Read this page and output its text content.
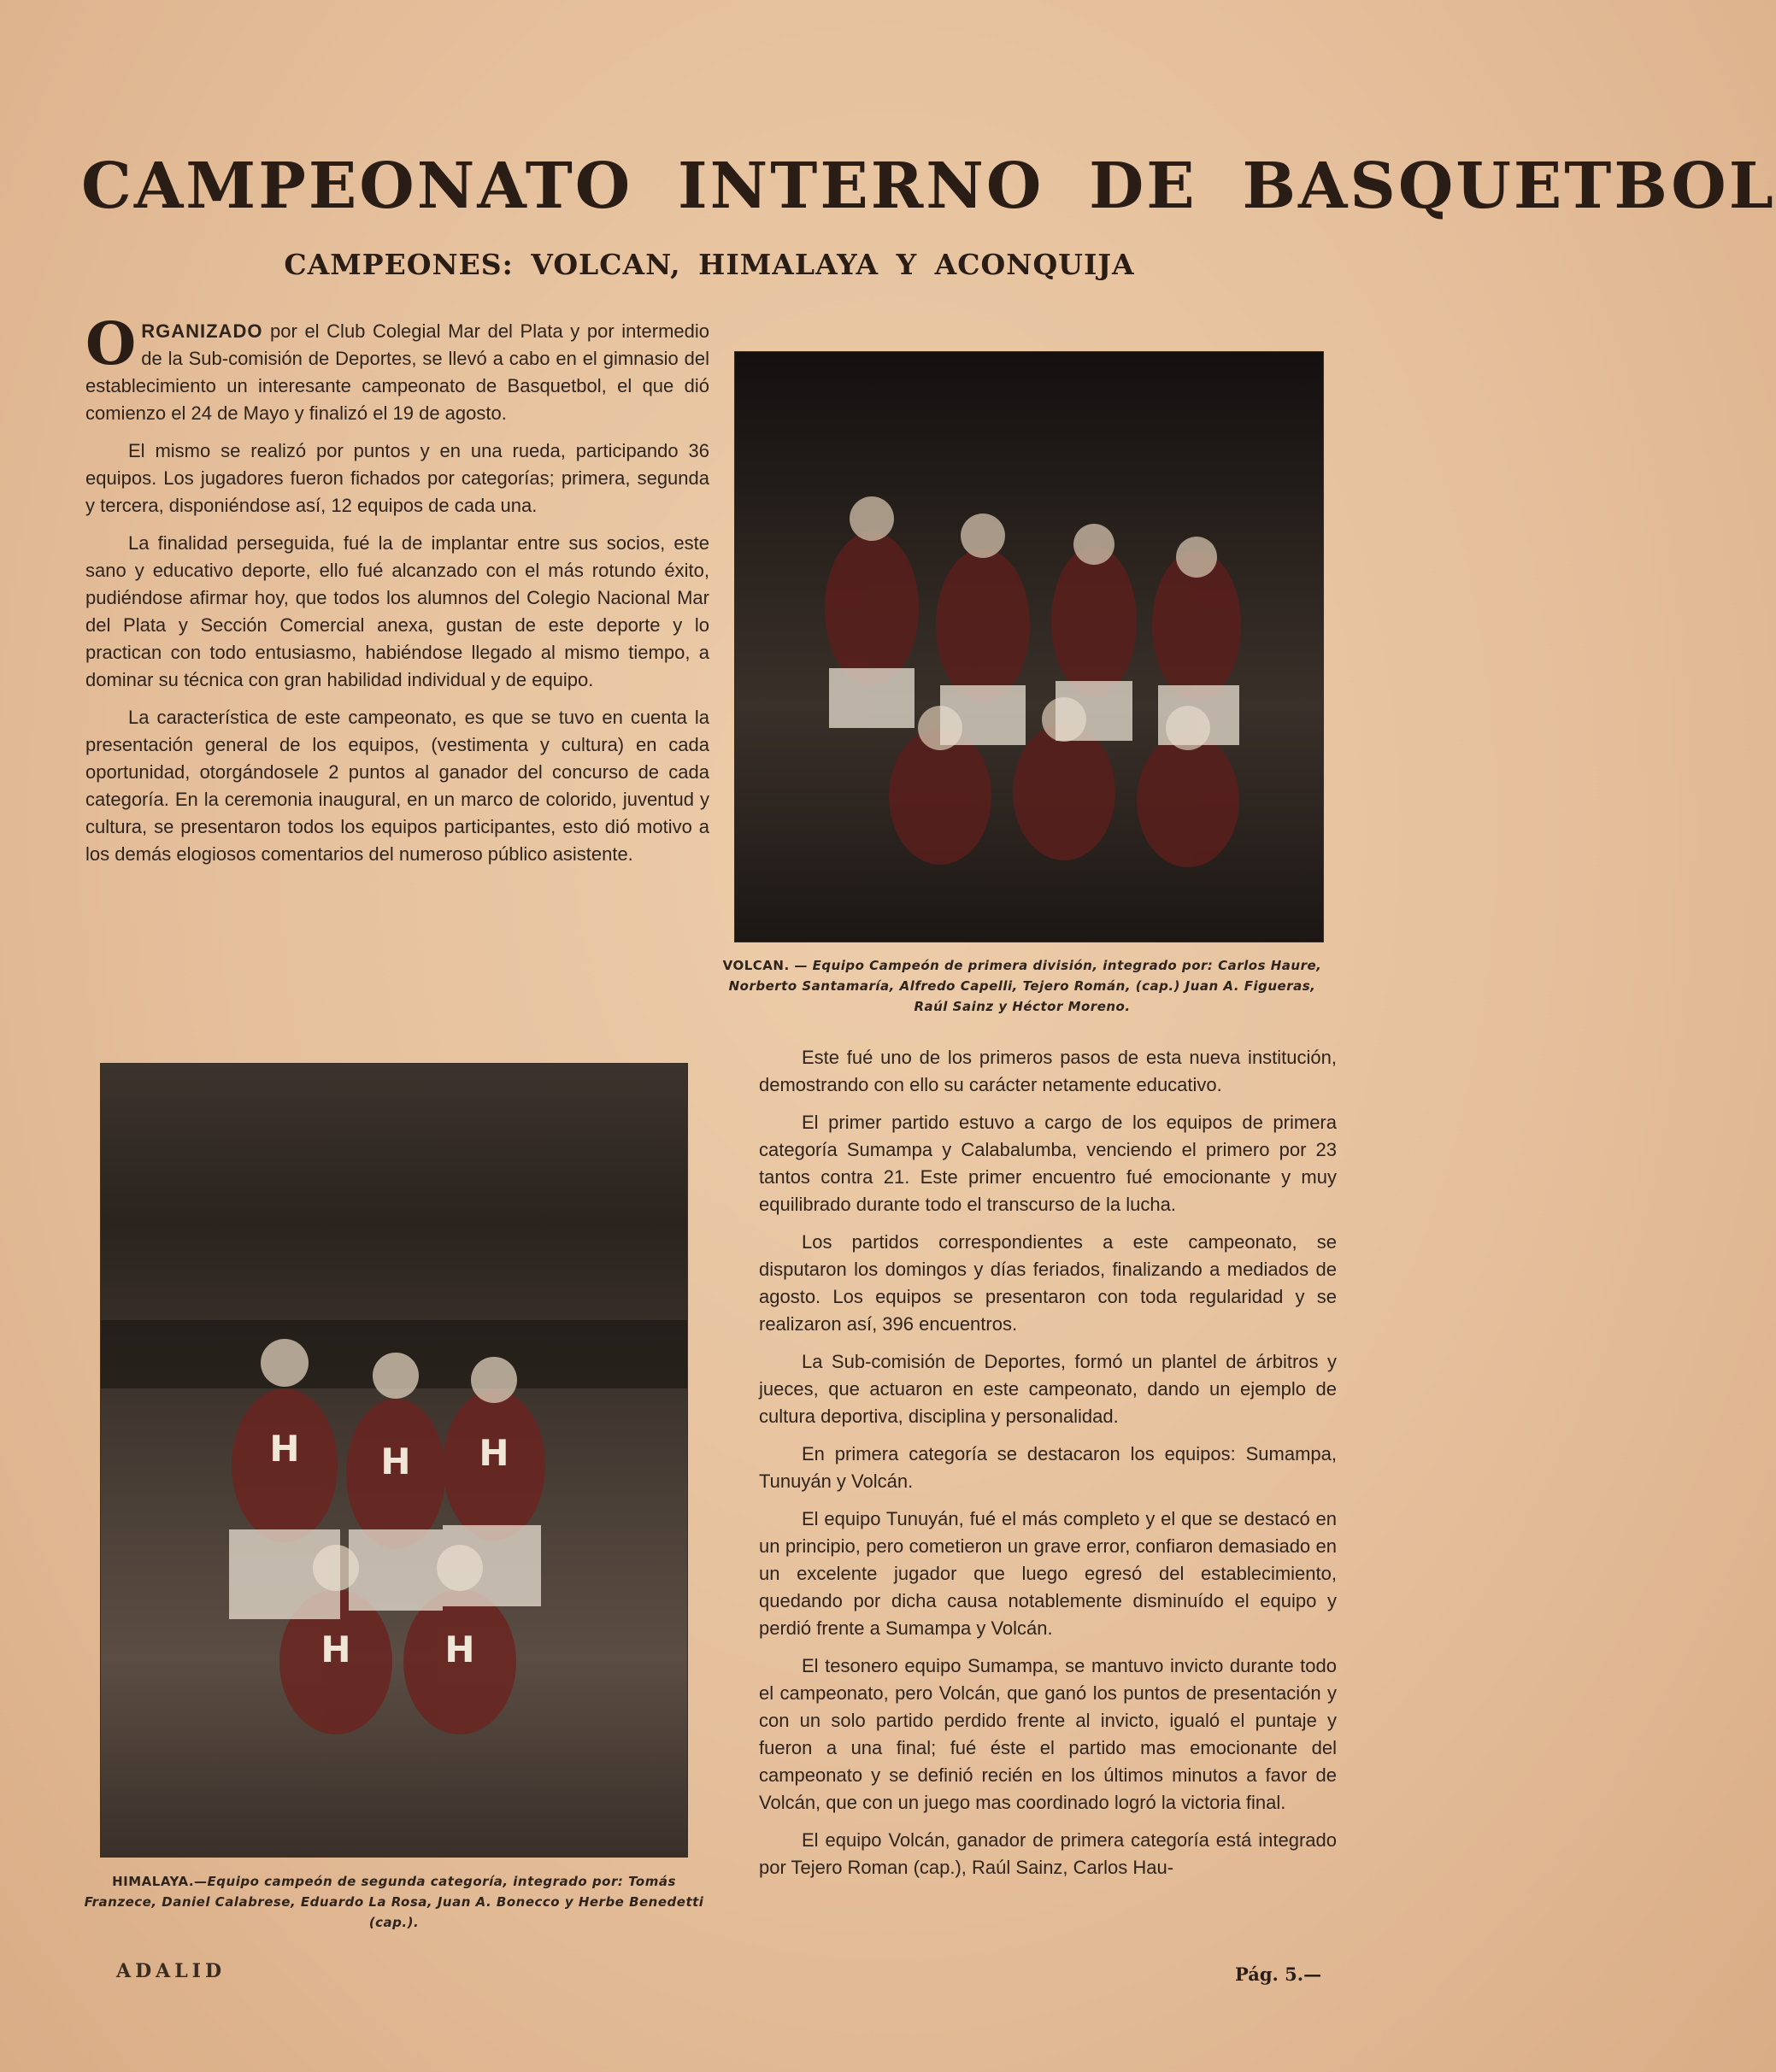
CAMPEONATO INTERNO DE BASQUETBOL
CAMPEONES: VOLCAN, HIMALAYA Y ACONQUIJA

ORGANIZADO por el Club Colegial Mar del Plata y por intermedio de la Sub-comisión de Deportes, se llevó a cabo en el gimnasio del establecimiento un interesante campeonato de Basquetbol, el que dió comienzo el 24 de Mayo y finalizó el 19 de agosto.

El mismo se realizó por puntos y en una rueda, participando 36 equipos. Los jugadores fueron fichados por categorías; primera, segunda y tercera, disponiéndose así, 12 equipos de cada una.

La finalidad perseguida, fué la de implantar entre sus socios, este sano y educativo deporte, ello fué alcanzado con el más rotundo éxito, pudiéndose afirmar hoy, que todos los alumnos del Colegio Nacional Mar del Plata y Sección Comercial anexa, gustan de este deporte y lo practican con todo entusiasmo, habiéndose llegado al mismo tiempo, a dominar su técnica con gran habilidad individual y de equipo.

La característica de este campeonato, es que se tuvo en cuenta la presentación general de los equipos, (vestimenta y cultura) en cada oportunidad, otorgándosele 2 puntos al ganador del concurso de cada categoría. En la ceremonia inaugural, en un marco de colorido, juventud y cultura, se presentaron todos los equipos participantes, esto dió motivo a los demás elogiosos comentarios del numeroso público asistente.

VOLCAN. — Equipo Campeón de primera división, integrado por: Carlos Haure, Norberto Santamaría, Alfredo Capelli, Tejero Román, (cap.) Juan A. Figueras, Raúl Sainz y Héctor Moreno.
H H H
H	H
HIMALAYA.—Equipo campeón de segunda categoría, integrado por: Tomás Franzece, Daniel Calabrese, Eduardo La Rosa, Juan A. Bonecco y Herbe Benedetti (cap.).

Este fué uno de los primeros pasos de esta nueva institución, demostrando con ello su carácter netamente educativo.

El primer partido estuvo a cargo de los equipos de primera categoría Sumampa y Calabalumba, venciendo el primero por 23 tantos contra 21. Este primer encuentro fué emocionante y muy equilibrado durante todo el transcurso de la lucha.

Los partidos correspondientes a este campeonato, se disputaron los domingos y días feriados, finalizando a mediados de agosto. Los equipos se presentaron con toda regularidad y se realizaron así, 396 encuentros.

La Sub-comisión de Deportes, formó un plantel de árbitros y jueces, que actuaron en este campeonato, dando un ejemplo de cultura deportiva, disciplina y personalidad.

En primera categoría se destacaron los equipos: Sumampa, Tunuyán y Volcán.

El equipo Tunuyán, fué el más completo y el que se destacó en un principio, pero cometieron un grave error, confiaron demasiado en un excelente jugador que luego egresó del establecimiento, quedando por dicha causa notablemente disminuído el equipo y perdió frente a Sumampa y Volcán.

El tesonero equipo Sumampa, se mantuvo invicto durante todo el campeonato, pero Volcán, que ganó los puntos de presentación y con un solo partido perdido frente al invicto, igualó el puntaje y fueron a una final; fué éste el partido mas emocionante del campeonato y se definió recién en los últimos minutos a favor de Volcán, que con un juego mas coordinado logró la victoria final.

El equipo Volcán, ganador de primera categoría está integrado por Tejero Roman (cap.), Raúl Sainz, Carlos Hau-

ADALID	Pág. 5.—
